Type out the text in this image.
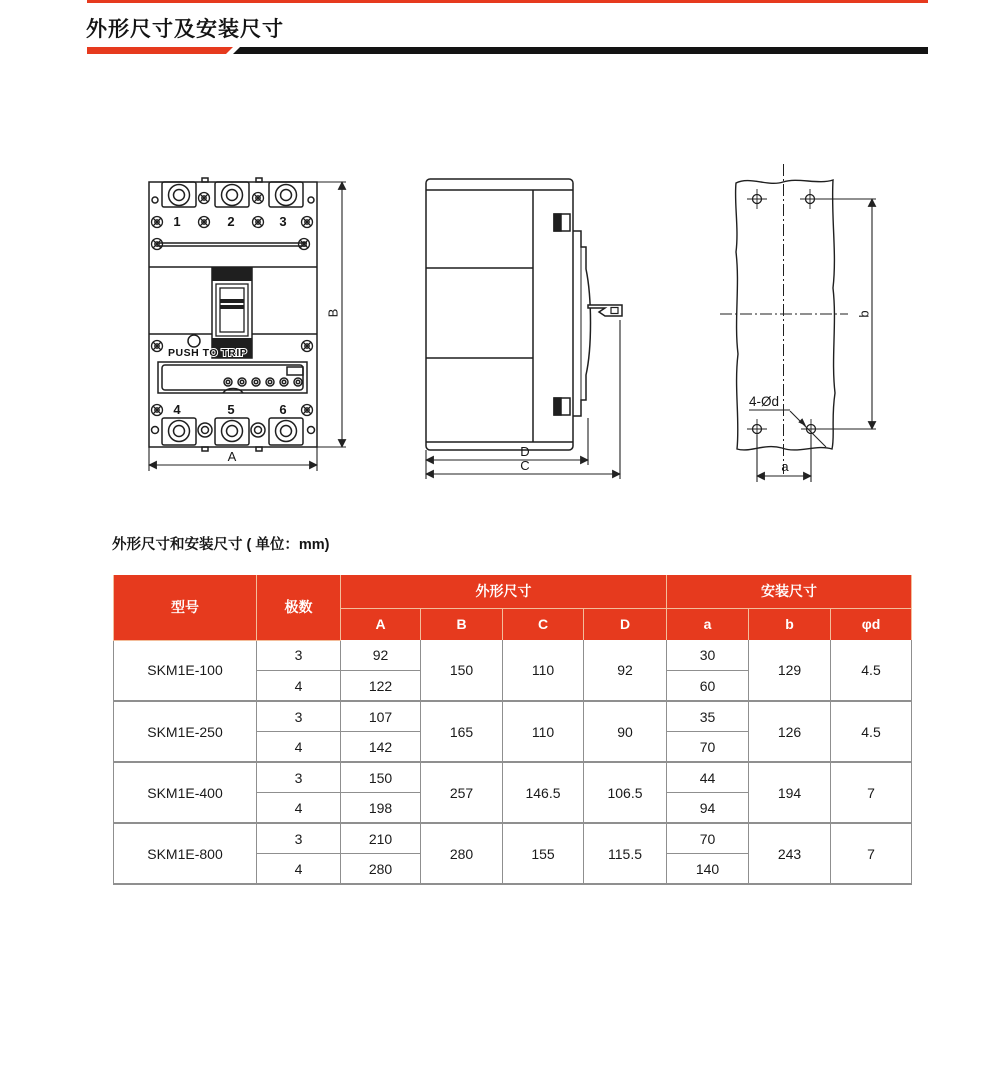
外形尺寸及安装尺寸
PUSH TO TRIP
1	2	3
4	5	6
A
B
D
C
4-Ød
b
a
外形尺寸和安装尺寸 ( 单位：mm)
型号	极数	外形尺寸				安装尺寸		
		A	B	C	D	a	b	φd
SKM1E-100	3	92	150	110	92	30	129	4.5
	4	122				60		
SKM1E-250	3	107	165	110	90	35	126	4.5
	4	142				70		
SKM1E-400	3	150	257	146.5	106.5	44	194	7
	4	198				94		
SKM1E-800	3	210	280	155	115.5	70	243	7
	4	280				140		
